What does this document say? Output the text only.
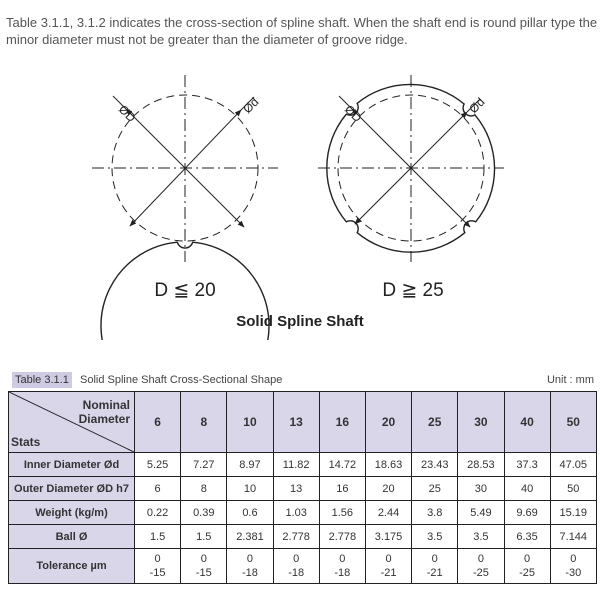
Table 3.1.1, 3.1.2 indicates the cross-section of spline shaft. When the shaft end is round pillar type the minor diameter must not be greater than the diameter of groove ridge.
ØD	Ød
D ≦ 20
ØD	Ød
D ≧ 25
Solid Spline Shaft
Table 3.1.1 Solid Spline Shaft Cross-Sectional Shape	Unit : mm
Nominal
Diameter
Stats	6	8	10	13	16	20	25	30	40	50
Inner Diameter Ød	5.25	7.27	8.97	11.82	14.72	18.63	23.43	28.53	37.3	47.05
Outer Diameter ØD h7	6	8	10	13	16	20	25	30	40	50
Weight (kg/m)	0.22	0.39	0.6	1.03	1.56	2.44	3.8	5.49	9.69	15.19
Ball Ø	1.5	1.5	2.381	2.778	2.778	3.175	3.5	3.5	6.35	7.144
Tolerance µm	0
-15	0
-15	0
-18	0
-18	0
-18	0
-21	0
-21	0
-25	0
-25	0
-30
